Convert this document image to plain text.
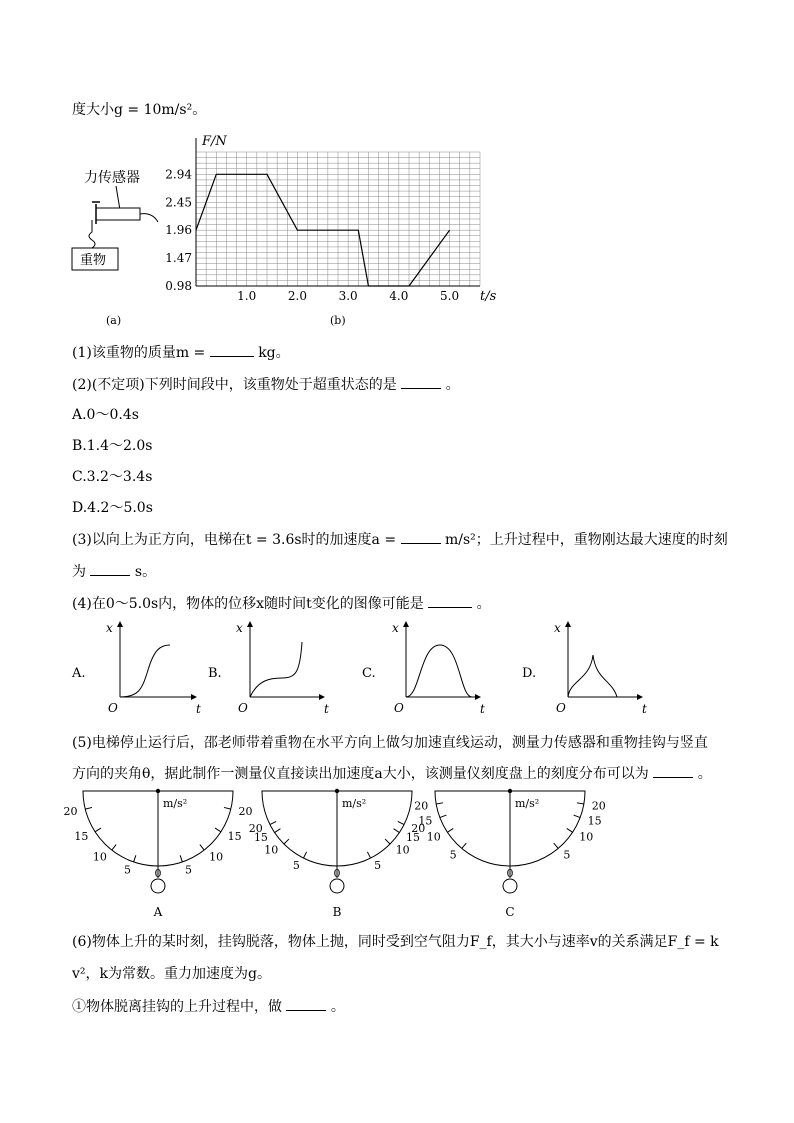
度大小g = 10m/s²。
力传感器
重物
(a)
2.94
2.45
1.96
1.47
0.98
1.0	2.0	3.0	4.0	5.0
F/N
t/s
(b)
(1)该重物的质量m =	kg。
(2)(不定项)下列时间段中，该重物处于超重状态的是	。
A.0～0.4s
B.1.4～2.0s
C.3.2～3.4s
D.4.2～5.0s
(3)以向上为正方向，电梯在t = 3.6s时的加速度a =	m/s²；上升过程中，重物刚达最大速度的时刻
为	s。
(4)在0～5.0s内，物体的位移x随时间t变化的图像可能是	。
A.
x
t
O
B.
x
t
O
C.
x
t
O
D.
x
t
O
(5)电梯停止运行后，邵老师带着重物在水平方向上做匀加速直线运动，测量力传感器和重物挂钩与竖直
方向的夹角θ，据此制作一测量仪直接读出加速度a大小，该测量仪刻度盘上的刻度分布可以为	。
m/s²
0
A
5	5
10	10
15	15
20	20
m/s²
0
B
5	5
10	10
15	15
20	20
m/s²
0
C
5	5
10	10
15	15
20	20
(6)物体上升的某时刻，挂钩脱落，物体上抛，同时受到空气阻力F_f，其大小与速率v的关系满足F_f = k
v²，k为常数。重力加速度为g。
①物体脱离挂钩的上升过程中，做	。
